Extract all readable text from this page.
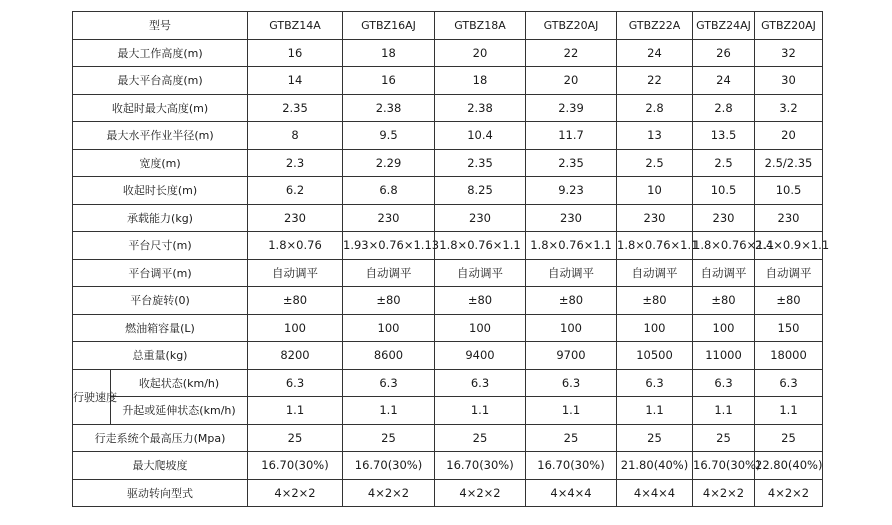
型号		GTBZ14A	GTBZ16AJ	GTBZ18A	GTBZ20AJ	GTBZ22A	GTBZ24AJ	GTBZ20AJ
最大工作高度(m)		16	18	20	22	24	26	32
最大平台高度(m)		14	16	18	20	22	24	30
收起时最大高度(m)		2.35	2.38	2.38	2.39	2.8	2.8	3.2
最大水平作业半径(m)		8	9.5	10.4	11.7	13	13.5	20
宽度(m)		2.3	2.29	2.35	2.35	2.5	2.5	2.5/2.35
收起时长度(m)		6.2	6.8	8.25	9.23	10	10.5	10.5
承载能力(kg)		230	230	230	230	230	230	230
平台尺寸(m)		1.8×0.76	1.93×0.76×1.13	1.8×0.76×1.1	1.8×0.76×1.1	1.8×0.76×1.1	1.8×0.76×1.1	2.4×0.9×1.1
平台调平(m)		自动调平	自动调平	自动调平	自动调平	自动调平	自动调平	自动调平
平台旋转(0)		±80	±80	±80	±80	±80	±80	±80
燃油箱容量(L)		100	100	100	100	100	100	150
总重量(kg)		8200	8600	9400	9700	10500	11000	18000
行驶速度	收起状态(km/h)	6.3	6.3	6.3	6.3	6.3	6.3	6.3
	升起或延伸状态(km/h)	1.1	1.1	1.1	1.1	1.1	1.1	1.1
行走系统个最高压力(Mpa)		25	25	25	25	25	25	25
最大爬坡度		16.70(30%)	16.70(30%)	16.70(30%)	16.70(30%)	21.80(40%)	16.70(30%)	22.80(40%)
驱动转向型式		4×2×2	4×2×2	4×2×2	4×4×4	4×4×4	4×2×2	4×2×2
